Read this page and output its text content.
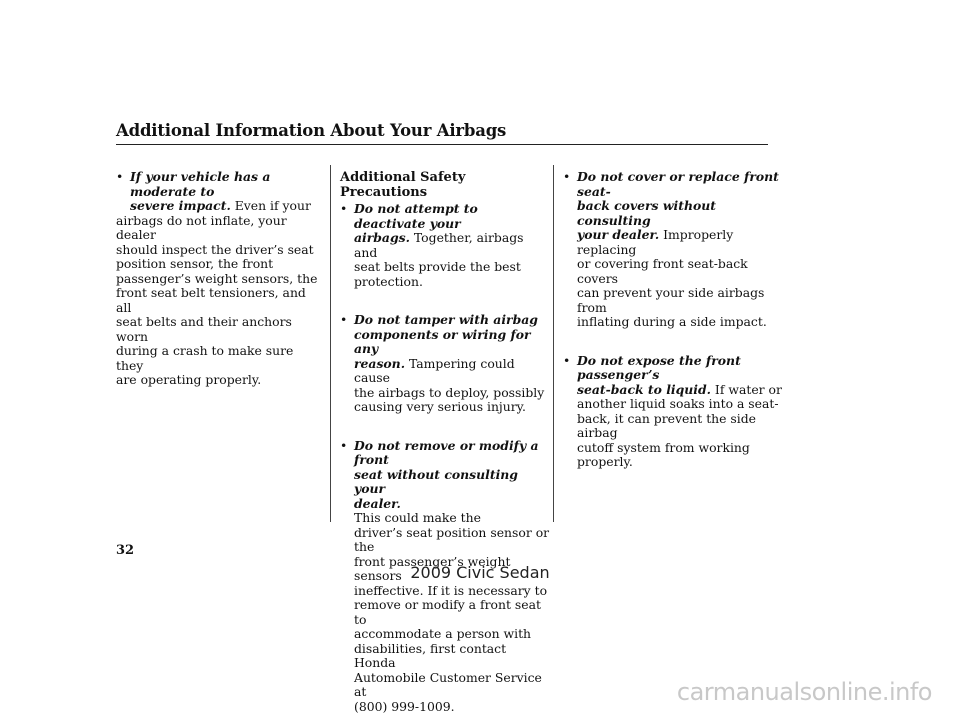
Additional Information About Your Airbags
• If your vehicle has a moderate to
severe impact. Even if your
airbags do not inflate, your dealer
should inspect the driver’s seat
position sensor, the front
passenger’s weight sensors, the
front seat belt tensioners, and all
seat belts and their anchors worn
during a crash to make sure they
are operating properly.
Additional Safety Precautions
• Do not attempt to deactivate your
airbags. Together, airbags and
seat belts provide the best
protection.
• Do not tamper with airbag
components or wiring for any
reason. Tampering could cause
the airbags to deploy, possibly
causing very serious injury.
• Do not remove or modify a front
seat without consulting your
dealer.
This could make the
driver’s seat position sensor or the
front passenger’s weight sensors
ineffective. If it is necessary to
remove or modify a front seat to
accommodate a person with
disabilities, first contact Honda
Automobile Customer Service at
(800) 999-1009.
• Do not cover or replace front seat-
back covers without consulting
your dealer. Improperly replacing
or covering front seat-back covers
can prevent your side airbags from
inflating during a side impact.
• Do not expose the front passenger’s
seat-back to liquid. If water or
another liquid soaks into a seat-
back, it can prevent the side airbag
cutoff system from working
properly.
32
2009 Civic Sedan
carmanualsonline.info
